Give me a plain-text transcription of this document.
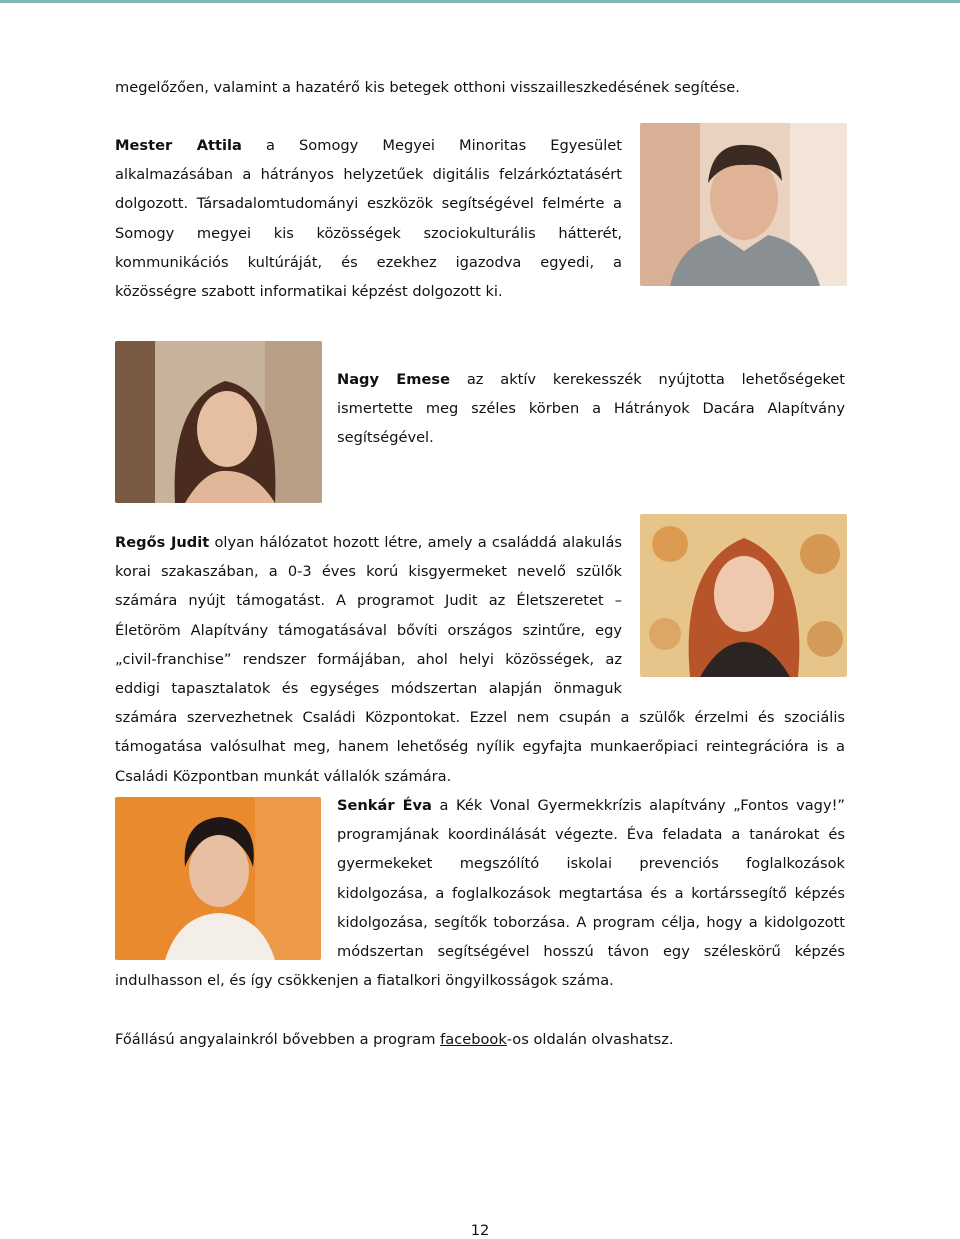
megelőzően, valamint a hazatérő kis betegek otthoni visszailleszkedésének segítése.

Mester Attila a Somogy Megyei Minoritas Egyesület alkalmazásában a hátrányos helyzetűek digitális felzárkóztatásért dolgozott. Társadalomtudományi eszközök segítségével felmérte a Somogy megyei kis közösségek szociokulturális hátterét, kommunikációs kultúráját, és ezekhez igazodva egyedi, a közösségre szabott informatikai képzést dolgozott ki.

Nagy Emese az aktív kerekesszék nyújtotta lehetőségeket ismertette meg széles körben a Hátrányok Dacára Alapítvány segítségével.

Regős Judit olyan hálózatot hozott létre, amely a családdá alakulás korai szakaszában, a 0-3 éves korú kisgyermeket nevelő szülők számára nyújt támogatást. A programot Judit az Életszeretet – Életöröm Alapítvány támogatásával bővíti országos szintűre, egy „civil-franchise” rendszer formájában, ahol helyi közösségek, az eddigi tapasztalatok és egységes módszertan alapján önmaguk számára szervezhetnek Családi Központokat. Ezzel nem csupán a szülők érzelmi és szociális támogatása valósulhat meg, hanem lehetőség nyílik egyfajta munkaerőpiaci reintegrációra is a Családi Központban munkát vállalók számára.

Senkár Éva a Kék Vonal Gyermekkrízis alapítvány „Fontos vagy!” programjának koordinálását végezte. Éva feladata a tanárokat és gyermekeket megszólító iskolai prevenciós foglalkozások kidolgozása, a foglalkozások megtartása és a kortárssegítő képzés kidolgozása, segítők toborzása. A program célja, hogy a kidolgozott módszertan segítségével hosszú távon egy széleskörű képzés indulhasson el, és így csökkenjen a fiatalkori öngyilkosságok száma.

Főállású angyalainkról bővebben a program facebook-os oldalán olvashatsz.

12
